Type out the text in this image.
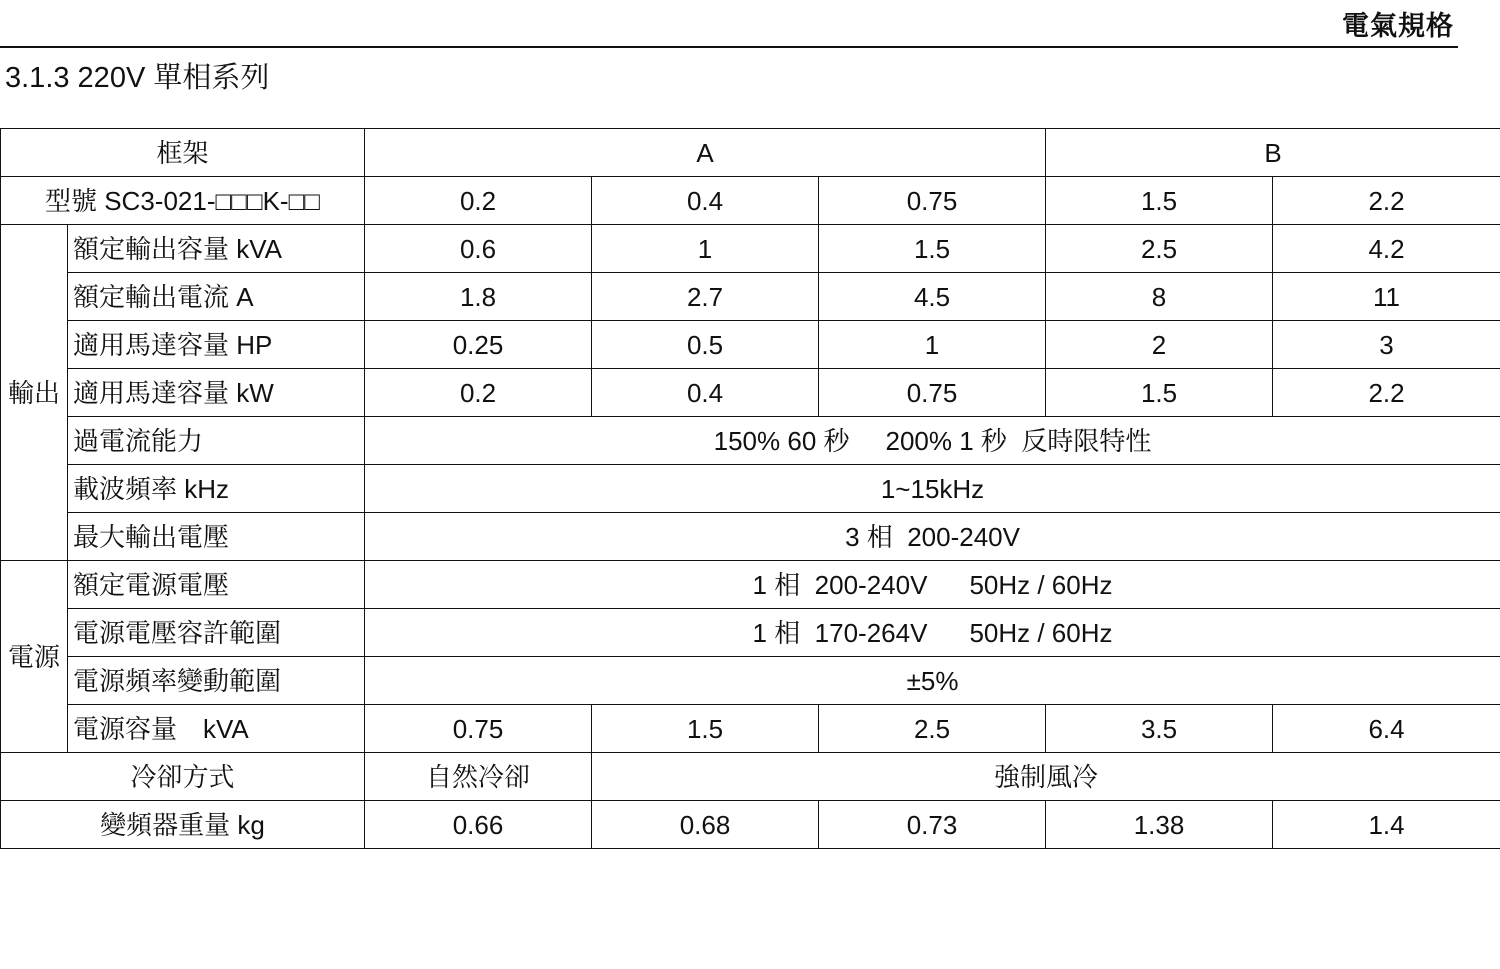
電氣規格
3.1.3 220V 單相系列
框架		A			B	
型號 SC3-021-□□□K-□□		0.2	0.4	0.75	1.5	2.2
輸出	額定輸出容量 kVA	0.6	1	1.5	2.5	4.2
	額定輸出電流 A	1.8	2.7	4.5	8	11
	適用馬達容量 HP	0.25	0.5	1	2	3
	適用馬達容量 kW	0.2	0.4	0.75	1.5	2.2
	過電流能力	150% 60 秒 200% 1 秒 反時限特性				
	載波頻率 kHz	1~15kHz				
	最大輸出電壓	3 相  200-240V				
電源	額定電源電壓	1 相  200-240V 50Hz / 60Hz				
	電源電壓容許範圍	1 相  170-264V 50Hz / 60Hz				
	電源頻率變動範圍	±5%				
	電源容量　kVA	0.75	1.5	2.5	3.5	6.4
冷卻方式		自然冷卻	強制風冷			
變頻器重量 kg		0.66	0.68	0.73	1.38	1.4
